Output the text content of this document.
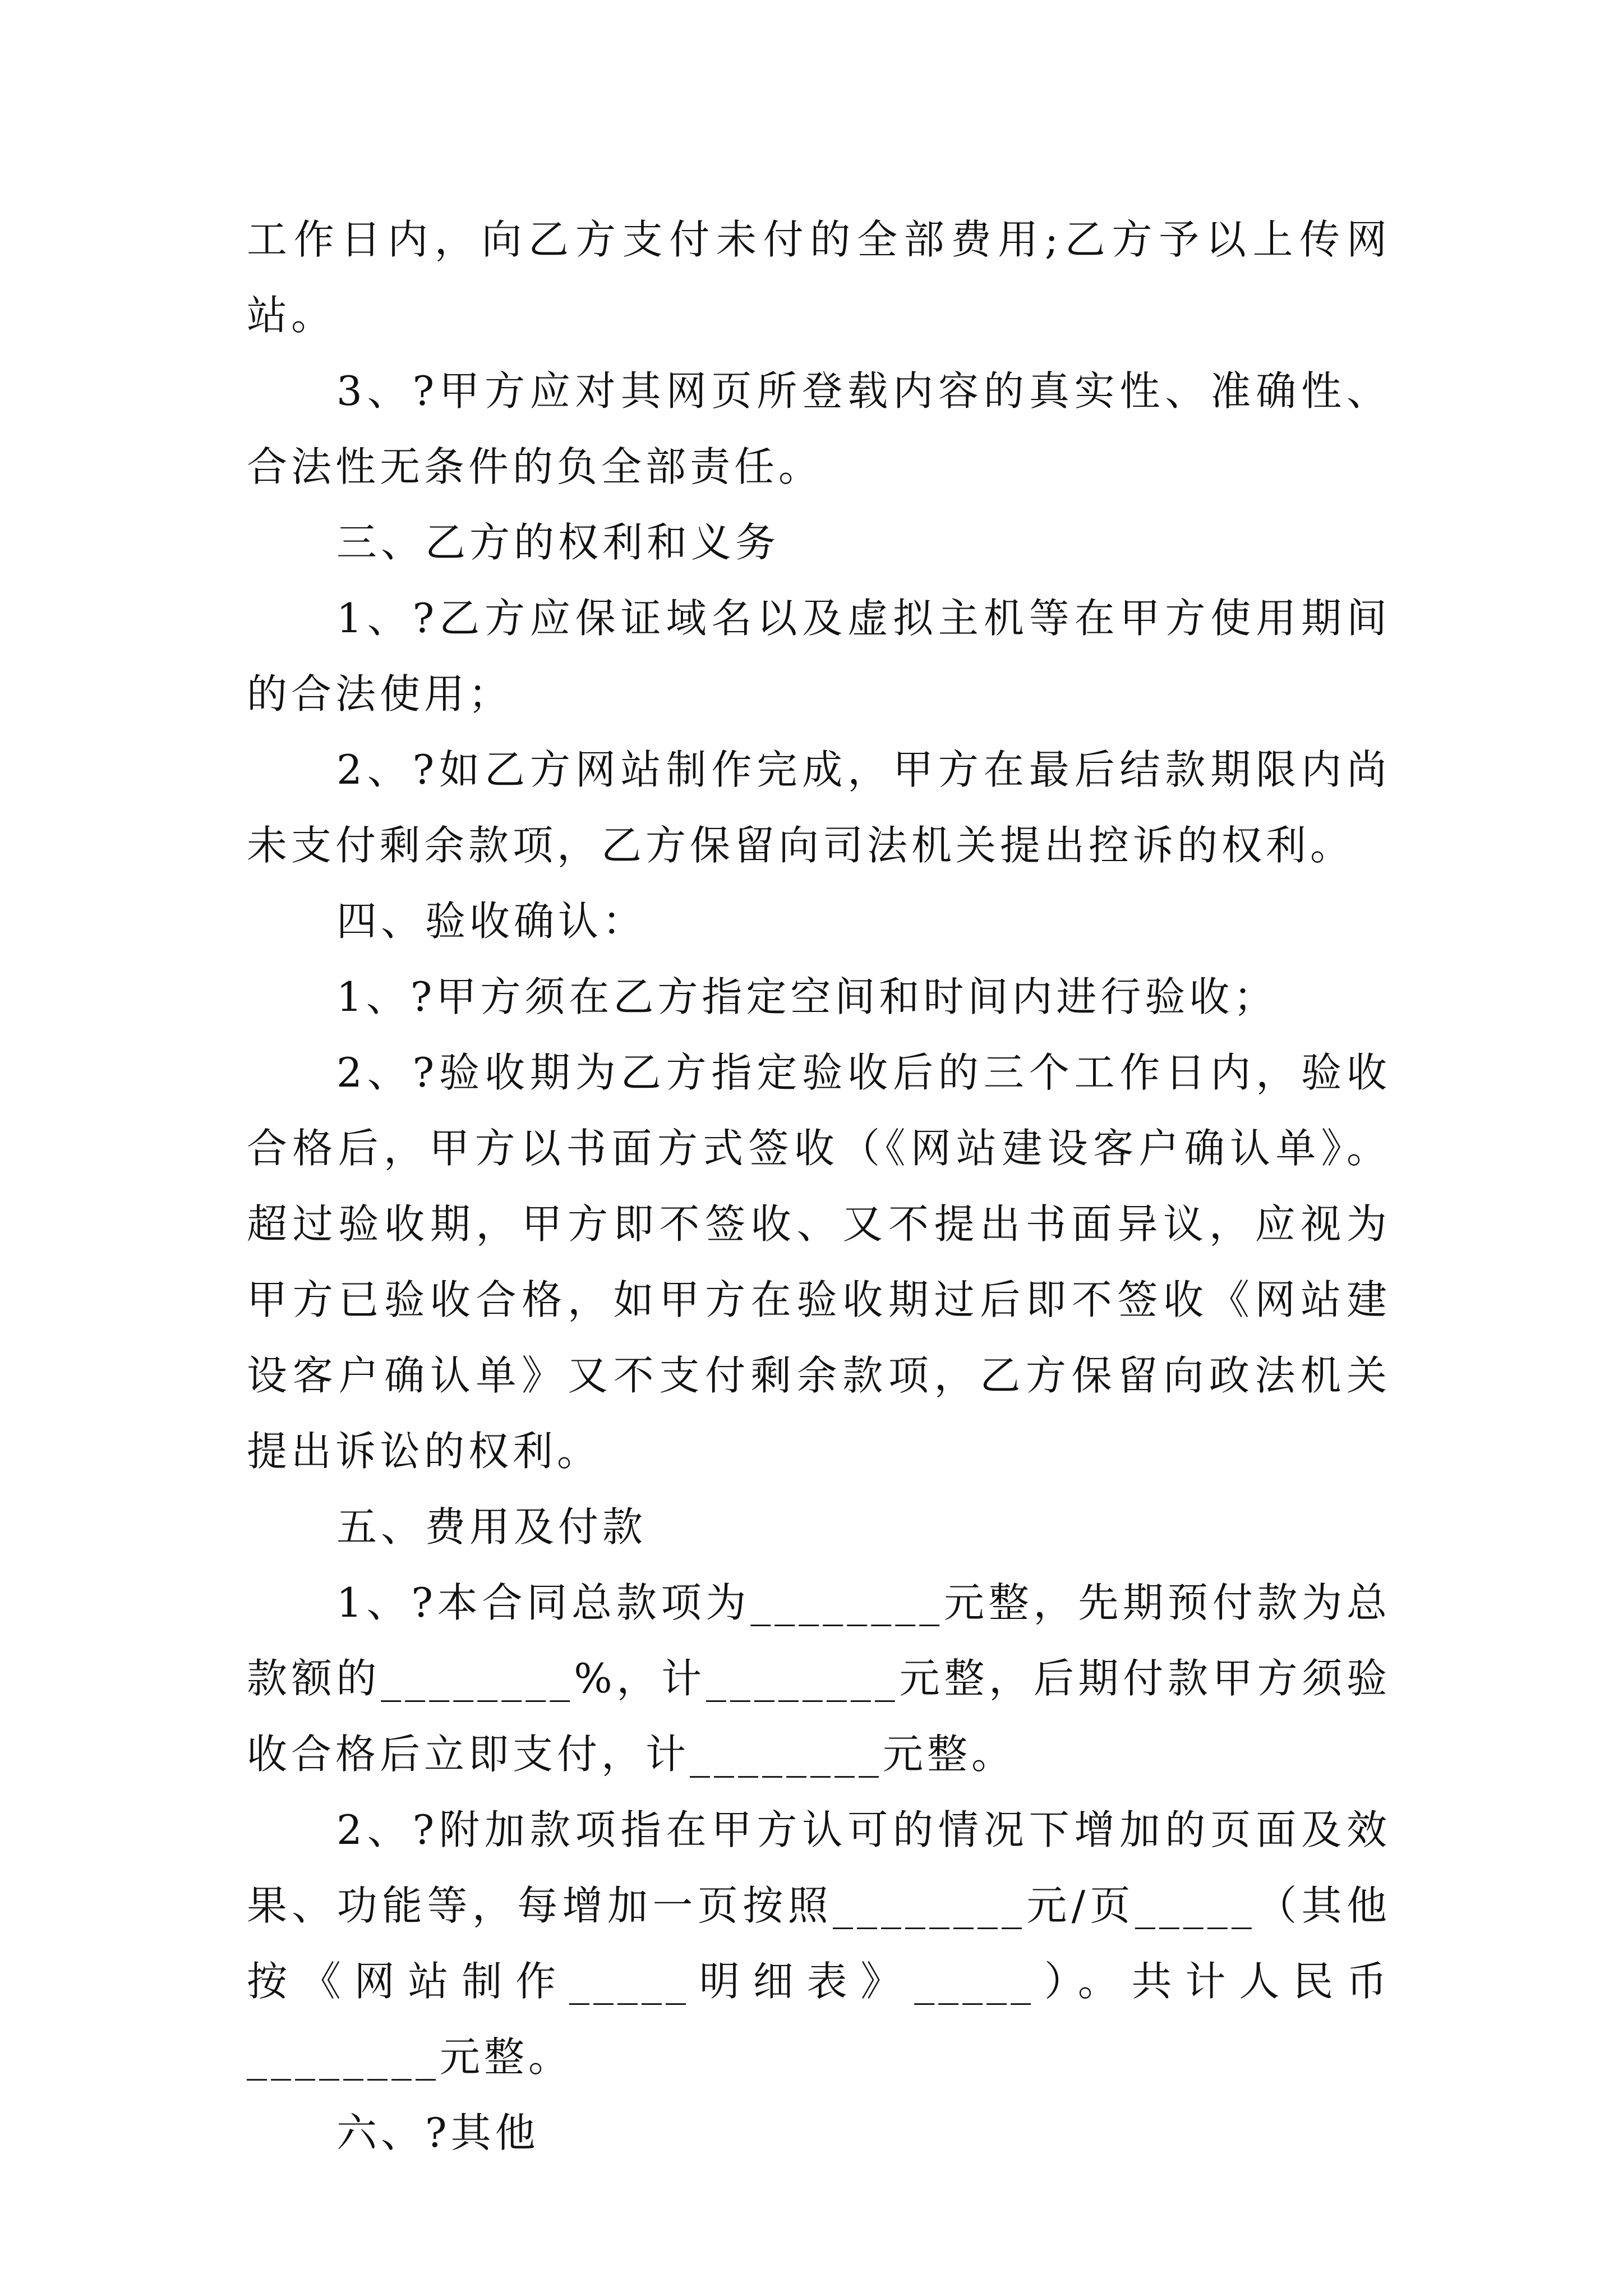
工作日内，向乙方支付未付的全部费用;乙方予以上传网站。

3、?甲方应对其网页所登载内容的真实性、准确性、合法性无条件的负全部责任。

三、乙方的权利和义务

1、?乙方应保证域名以及虚拟主机等在甲方使用期间的合法使用；

2、?如乙方网站制作完成，甲方在最后结款期限内尚未支付剩余款项，乙方保留向司法机关提出控诉的权利。

四、验收确认：

1、?甲方须在乙方指定空间和时间内进行验收；

2、?验收期为乙方指定验收后的三个工作日内，验收合格后，甲方以书面方式签收（《网站建设客户确认单》。超过验收期，甲方即不签收、又不提出书面异议，应视为甲方已验收合格，如甲方在验收期过后即不签收《网站建设客户确认单》又不支付剩余款项，乙方保留向政法机关提出诉讼的权利。

五、费用及付款

1、?本合同总款项为________元整，先期预付款为总款额的________%，计________元整，后期付款甲方须验收合格后立即支付，计________元整。

2、?附加款项指在甲方认可的情况下增加的页面及效果、功能等，每增加一页按照________元/页_____（其他按《网站制作_____明细表》_____）。共计人民币________元整。

六、?其他
